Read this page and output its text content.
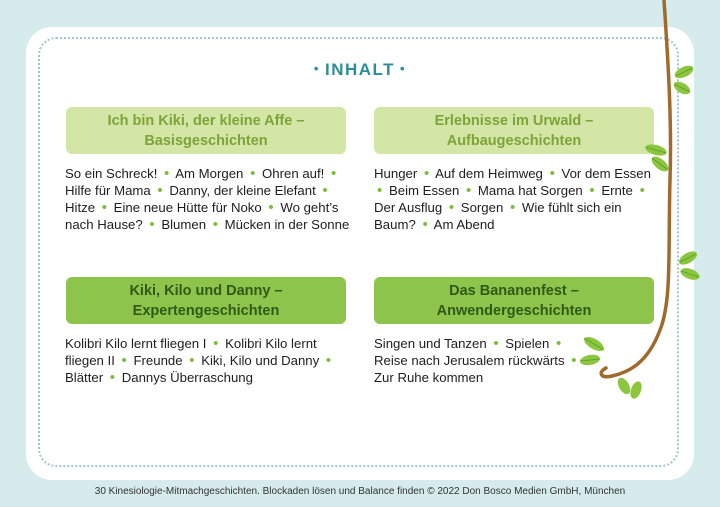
• INHALT •
Ich bin Kiki, der kleine Affe –
Basisgeschichten

So ein Schreck! • Am Morgen • Ohren auf! • Hilfe für Mama • Danny, der kleine Elefant • Hitze • Eine neue Hütte für Noko • Wo geht’s nach Hause? • Blumen • Mücken in der Sonne

Erlebnisse im Urwald –
Aufbaugeschichten

Hunger • Auf dem Heimweg • Vor dem Essen • Beim Essen • Mama hat Sorgen • Ernte • Der Ausflug • Sorgen • Wie fühlt sich ein Baum? • Am Abend

Kiki, Kilo und Danny –
Expertengeschichten

Kolibri Kilo lernt fliegen I • Kolibri Kilo lernt fliegen II • Freunde • Kiki, Kilo und Danny • Blätter • Dannys Überraschung

Das Bananenfest –
Anwendergeschichten

Singen und Tanzen • Spielen • Reise nach Jerusalem rückwärts • Zur Ruhe kommen

30 Kinesiologie-Mitmachgeschichten. Blockaden lösen und Balance finden © 2022 Don Bosco Medien GmbH, München
